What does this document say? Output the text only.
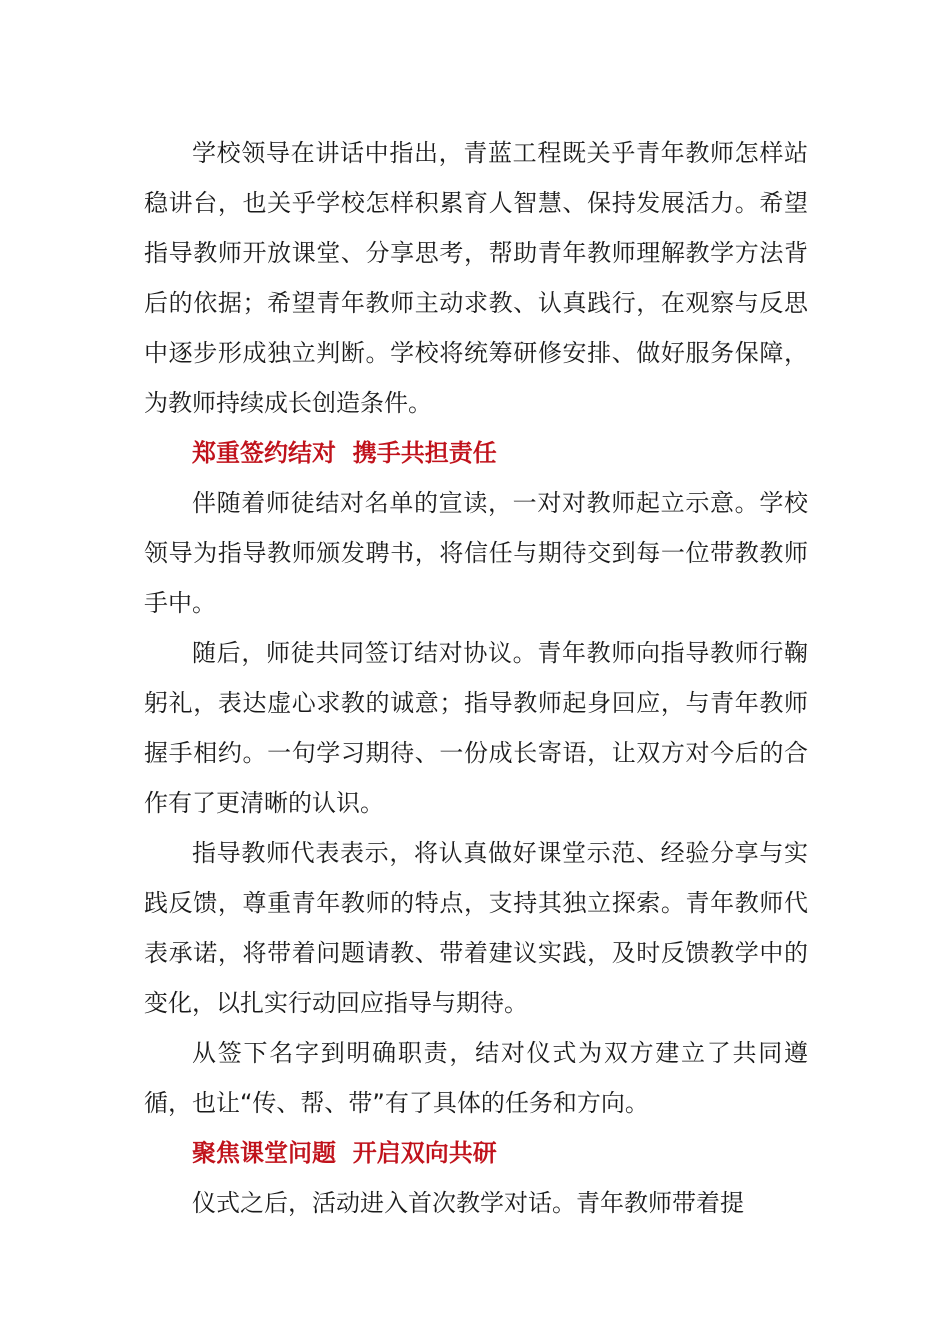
学校领导在讲话中指出，青蓝工程既关乎青年教师怎样站稳讲台，也关乎学校怎样积累育人智慧、保持发展活力。希望指导教师开放课堂、分享思考，帮助青年教师理解教学方法背后的依据；希望青年教师主动求教、认真践行，在观察与反思中逐步形成独立判断。学校将统筹研修安排、做好服务保障，为教师持续成长创造条件。

郑重签约结对  携手共担责任

伴随着师徒结对名单的宣读，一对对教师起立示意。学校领导为指导教师颁发聘书，将信任与期待交到每一位带教教师手中。

随后，师徒共同签订结对协议。青年教师向指导教师行鞠躬礼，表达虚心求教的诚意；指导教师起身回应，与青年教师握手相约。一句学习期待、一份成长寄语，让双方对今后的合作有了更清晰的认识。

指导教师代表表示，将认真做好课堂示范、经验分享与实践反馈，尊重青年教师的特点，支持其独立探索。青年教师代表承诺，将带着问题请教、带着建议实践，及时反馈教学中的变化，以扎实行动回应指导与期待。

从签下名字到明确职责，结对仪式为双方建立了共同遵循，也让“传、帮、带”有了具体的任务和方向。

聚焦课堂问题  开启双向共研

仪式之后，活动进入首次教学对话。青年教师带着提
